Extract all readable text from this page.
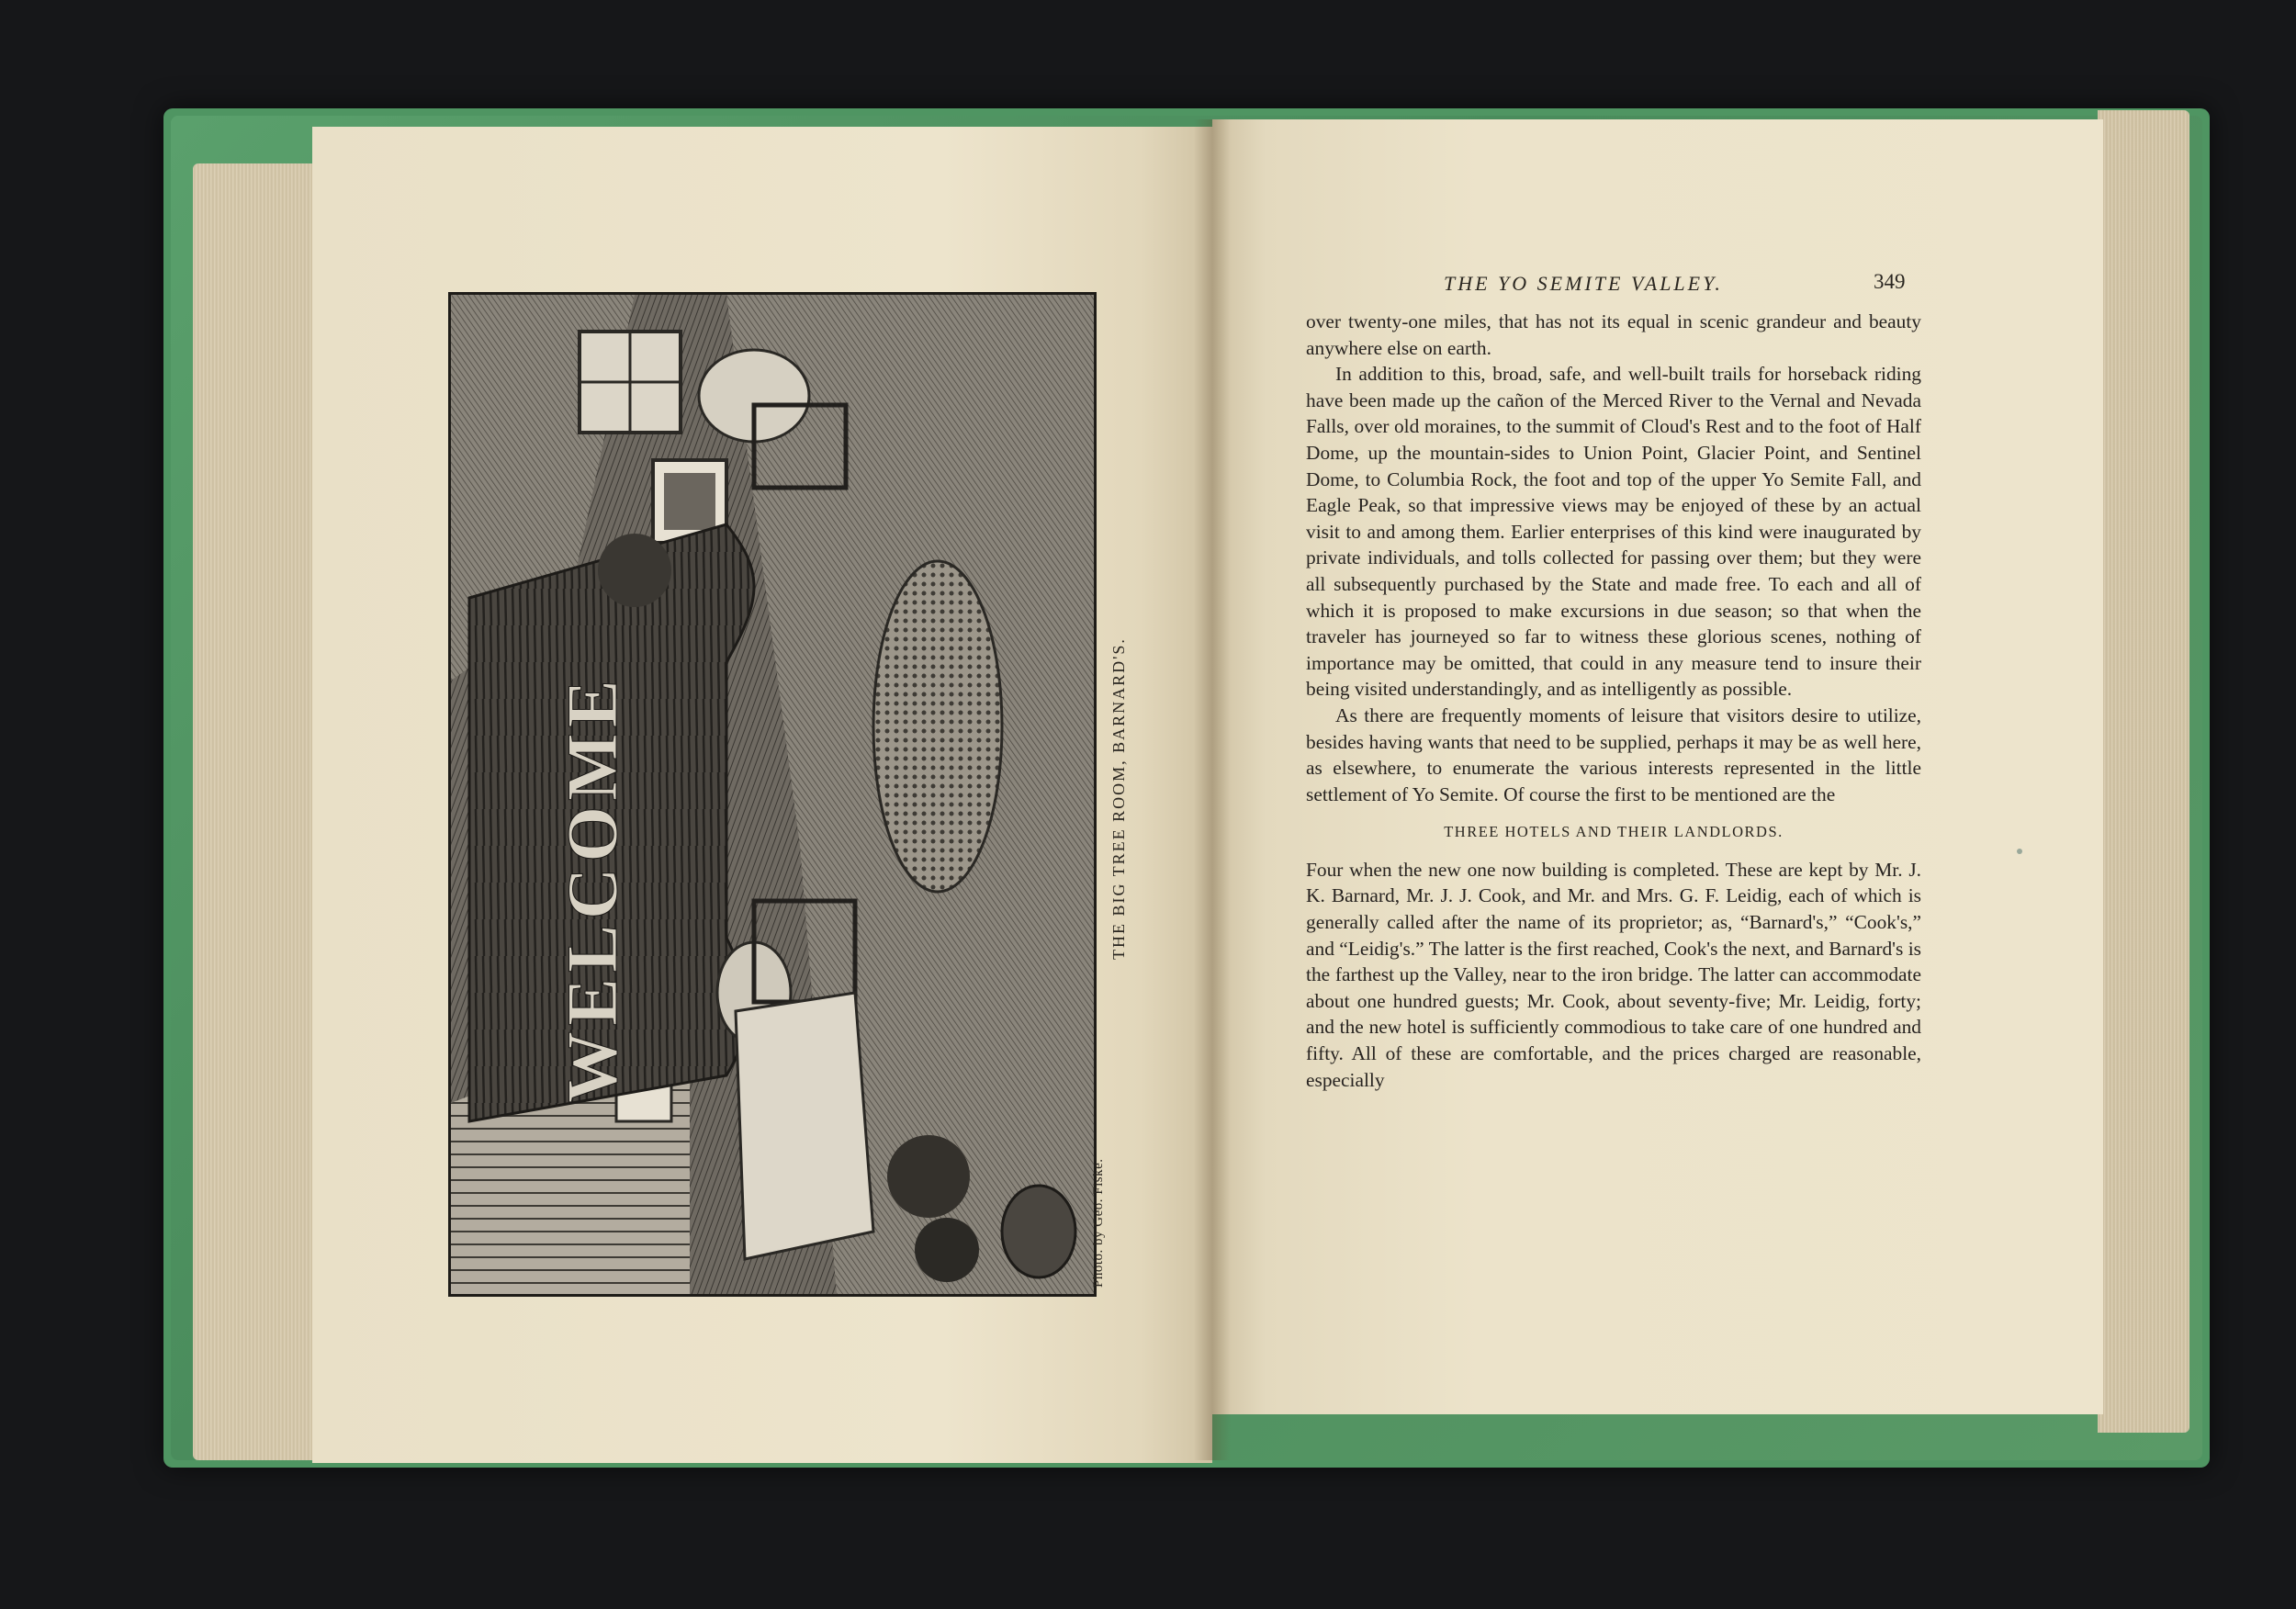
WELCOME	THE BIG TREE ROOM, BARNARD'S.
Photo. by Geo. Fiske.
THE YO SEMITE VALLEY.	349

over twenty-one miles, that has not its equal in scenic grandeur and beauty anywhere else on earth.

In addition to this, broad, safe, and well-built trails for horseback riding have been made up the cañon of the Merced River to the Vernal and Nevada Falls, over old moraines, to the summit of Cloud's Rest and to the foot of Half Dome, up the mountain-sides to Union Point, Glacier Point, and Sentinel Dome, to Columbia Rock, the foot and top of the upper Yo Semite Fall, and Eagle Peak, so that impressive views may be enjoyed of these by an actual visit to and among them. Earlier enterprises of this kind were inaugurated by private individuals, and tolls collected for passing over them; but they were all subsequently purchased by the State and made free. To each and all of which it is proposed to make excursions in due season; so that when the traveler has journeyed so far to witness these glorious scenes, nothing of importance may be omitted, that could in any measure tend to insure their being visited understandingly, and as intelligently as possible.

As there are frequently moments of leisure that visitors desire to utilize, besides having wants that need to be supplied, perhaps it may be as well here, as elsewhere, to enumerate the various interests represented in the little settlement of Yo Semite. Of course the first to be mentioned are the

THREE HOTELS AND THEIR LANDLORDS.

Four when the new one now building is completed. These are kept by Mr. J. K. Barnard, Mr. J. J. Cook, and Mr. and Mrs. G. F. Leidig, each of which is generally called after the name of its proprietor; as, “Barnard's,” “Cook's,” and “Leidig's.” The latter is the first reached, Cook's the next, and Barnard's is the farthest up the Valley, near to the iron bridge. The latter can accommodate about one hundred guests; Mr. Cook, about seventy-five; Mr. Leidig, forty; and the new hotel is sufficiently commodious to take care of one hundred and fifty. All of these are comfortable, and the prices charged are reasonable, especially
